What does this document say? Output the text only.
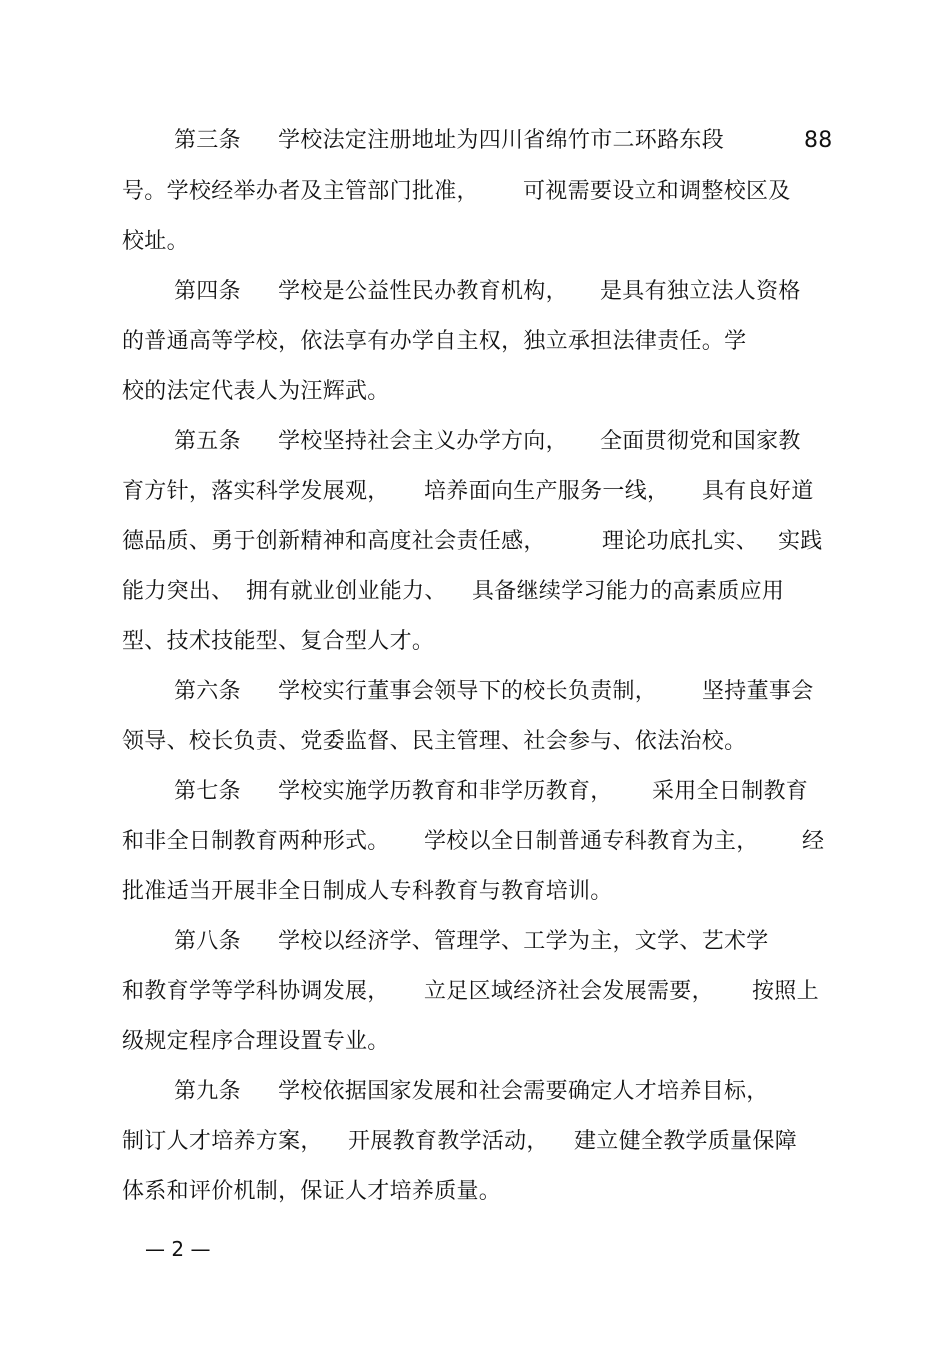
第三条

学校法定注册地址为四川省绵竹市二环路东段

	88

号。学校经举办者及主管部门批准，

可视需要设立和调整校区及

校址。

第四条

学校是公益性民办教育机构，

是具有独立法人资格

的普通高等学校，依法享有办学自主权，独立承担法律责任。学

校的法定代表人为汪辉武。

第五条

学校坚持社会主义办学方向，

全面贯彻党和国家教

育方针，落实科学发展观，

培养面向生产服务一线，

具有良好道

德品质、勇于创新精神和高度社会责任感，

	理论功底扎实、

实践

能力突出、

拥有就业创业能力、

具备继续学习能力的高素质应用

型、技术技能型、复合型人才。

第六条

学校实行董事会领导下的校长负责制，

坚持董事会

领导、校长负责、党委监督、民主管理、社会参与、依法治校。

第七条

学校实施学历教育和非学历教育，

采用全日制教育

和非全日制教育两种形式。

学校以全日制普通专科教育为主，

经

批准适当开展非全日制成人专科教育与教育培训。

第八条

学校以经济学、管理学、工学为主，文学、艺术学

和教育学等学科协调发展，

立足区域经济社会发展需要，

按照上

级规定程序合理设置专业。

第九条

学校依据国家发展和社会需要确定人才培养目标，

制订人才培养方案，

开展教育教学活动，

建立健全教学质量保障

体系和评价机制，保证人才培养质量。

— 2 —
